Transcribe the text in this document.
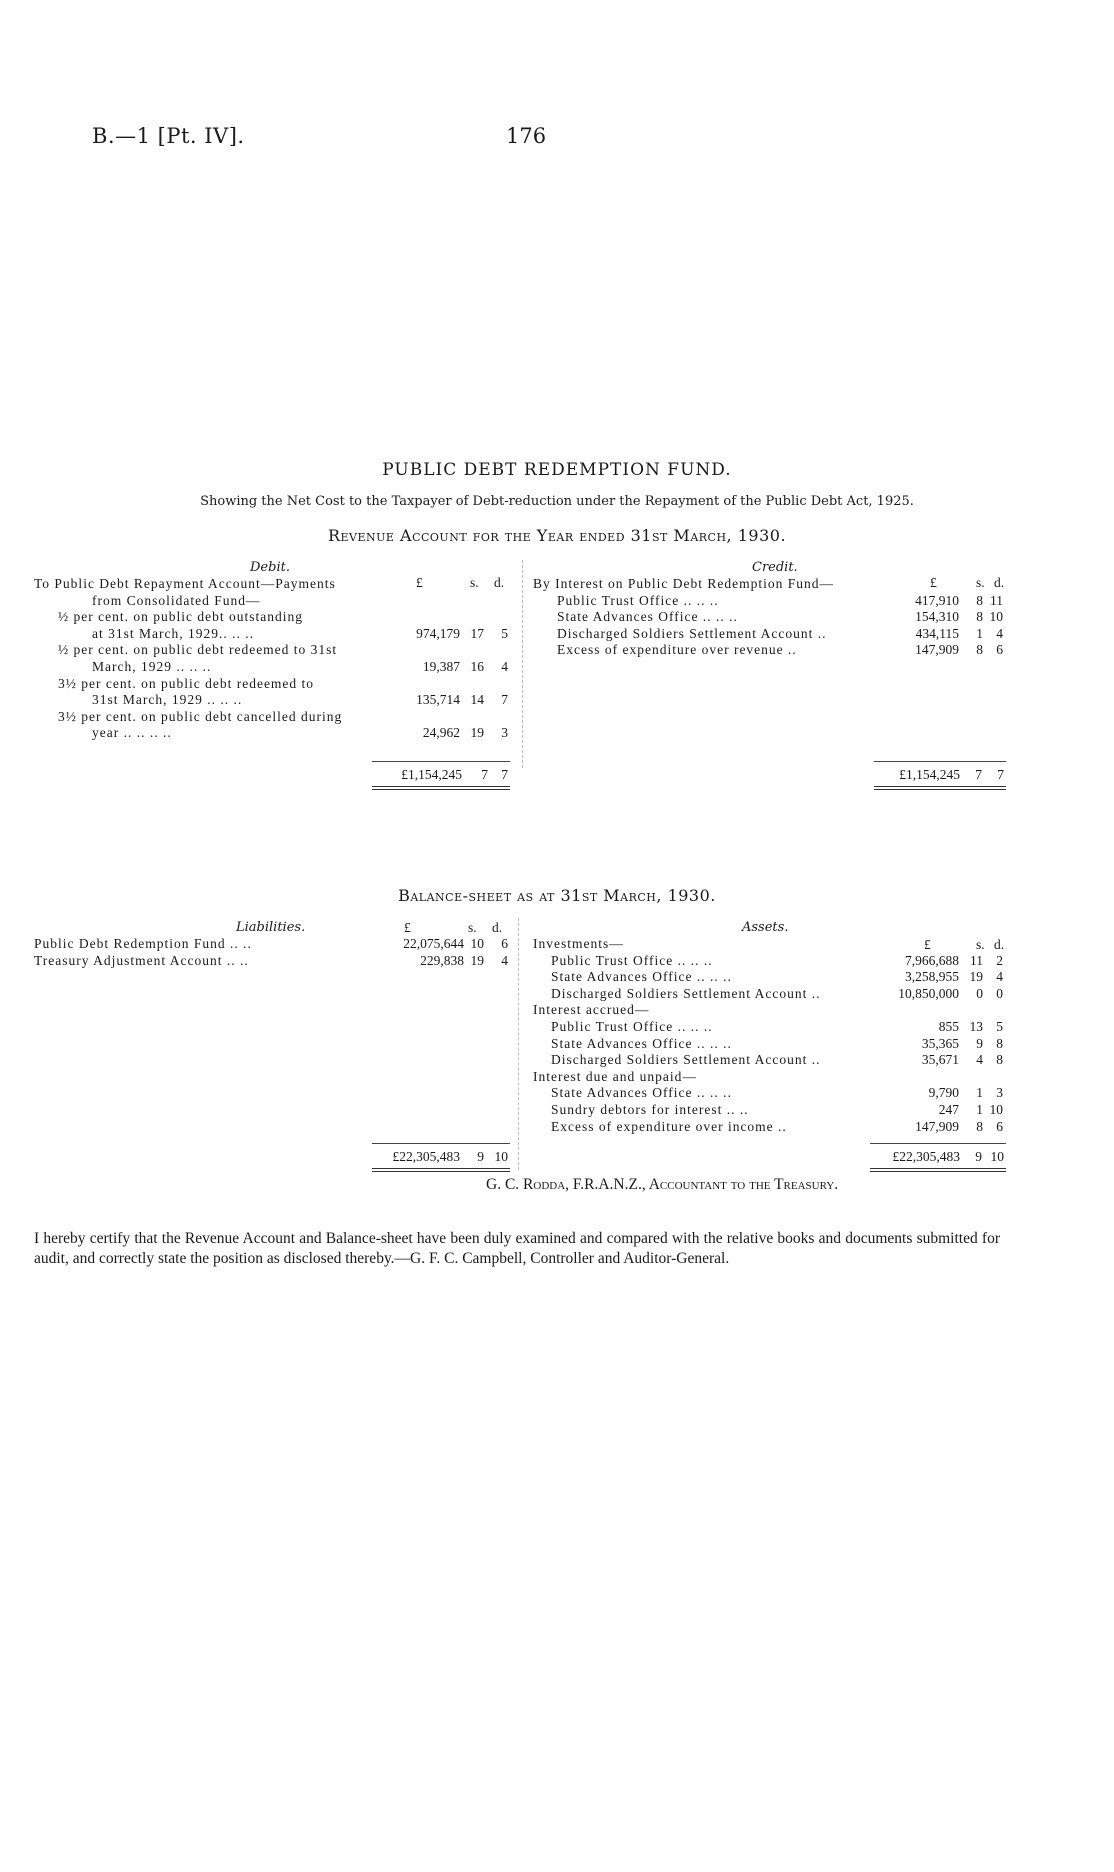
B.—1 [Pt. IV].	176
PUBLIC DEBT REDEMPTION FUND.
Showing the Net Cost to the Taxpayer of Debt-reduction under the Repayment of the Public Debt Act, 1925.
Revenue Account for the Year ended 31st March, 1930.
Debit.
£	s. d.
To Public Debt Repayment Account—Payments
from Consolidated Fund—
½ per cent. on public debt outstanding
at 31st March, 1929.. .. ..	974,179 17	5
½ per cent. on public debt redeemed to 31st
March, 1929 .. .. ..	19,387 16	4
3½ per cent. on public debt redeemed to
31st March, 1929 .. .. ..	135,714 14	7
3½ per cent. on public debt cancelled during
year .. .. .. ..	24,962 19	3
£1,154,245	7 7
Credit.
£	s. d.
By Interest on Public Debt Redemption Fund—
Public Trust Office .. .. ..	417,910	8 11
State Advances Office .. .. ..	154,310	8 10
Discharged Soldiers Settlement Account ..	434,115	1 4
Excess of expenditure over revenue ..	147,909	8 6
£1,154,245	7	7
Balance-sheet as at 31st March, 1930.
Liabilities.	£	s. d.
Public Debt Redemption Fund .. ..	22,075,644 10	6
Treasury Adjustment Account .. ..	229,838 19	4
£22,305,483	9 10
Assets.
£	s. d.
Investments—
Public Trust Office .. .. ..	7,966,688 11 2
State Advances Office .. .. ..	3,258,955 19 4
Discharged Soldiers Settlement Account ..	10,850,000	0 0
Interest accrued—
Public Trust Office .. .. ..	855 13 5
State Advances Office .. .. ..	35,365	9 8
Discharged Soldiers Settlement Account ..	35,671	4 8
Interest due and unpaid—
State Advances Office .. .. ..	9,790	1 3
Sundry debtors for interest .. ..	247	1 10
Excess of expenditure over income ..	147,909	8 6
£22,305,483	9 10
G. C. Rodda, F.R.A.N.Z., Accountant to the Treasury.
I hereby certify that the Revenue Account and Balance-sheet have been duly examined and compared with the relative books and documents submitted for audit, and correctly state the position as disclosed thereby.—G. F. C. Campbell, Controller and Auditor-General.
